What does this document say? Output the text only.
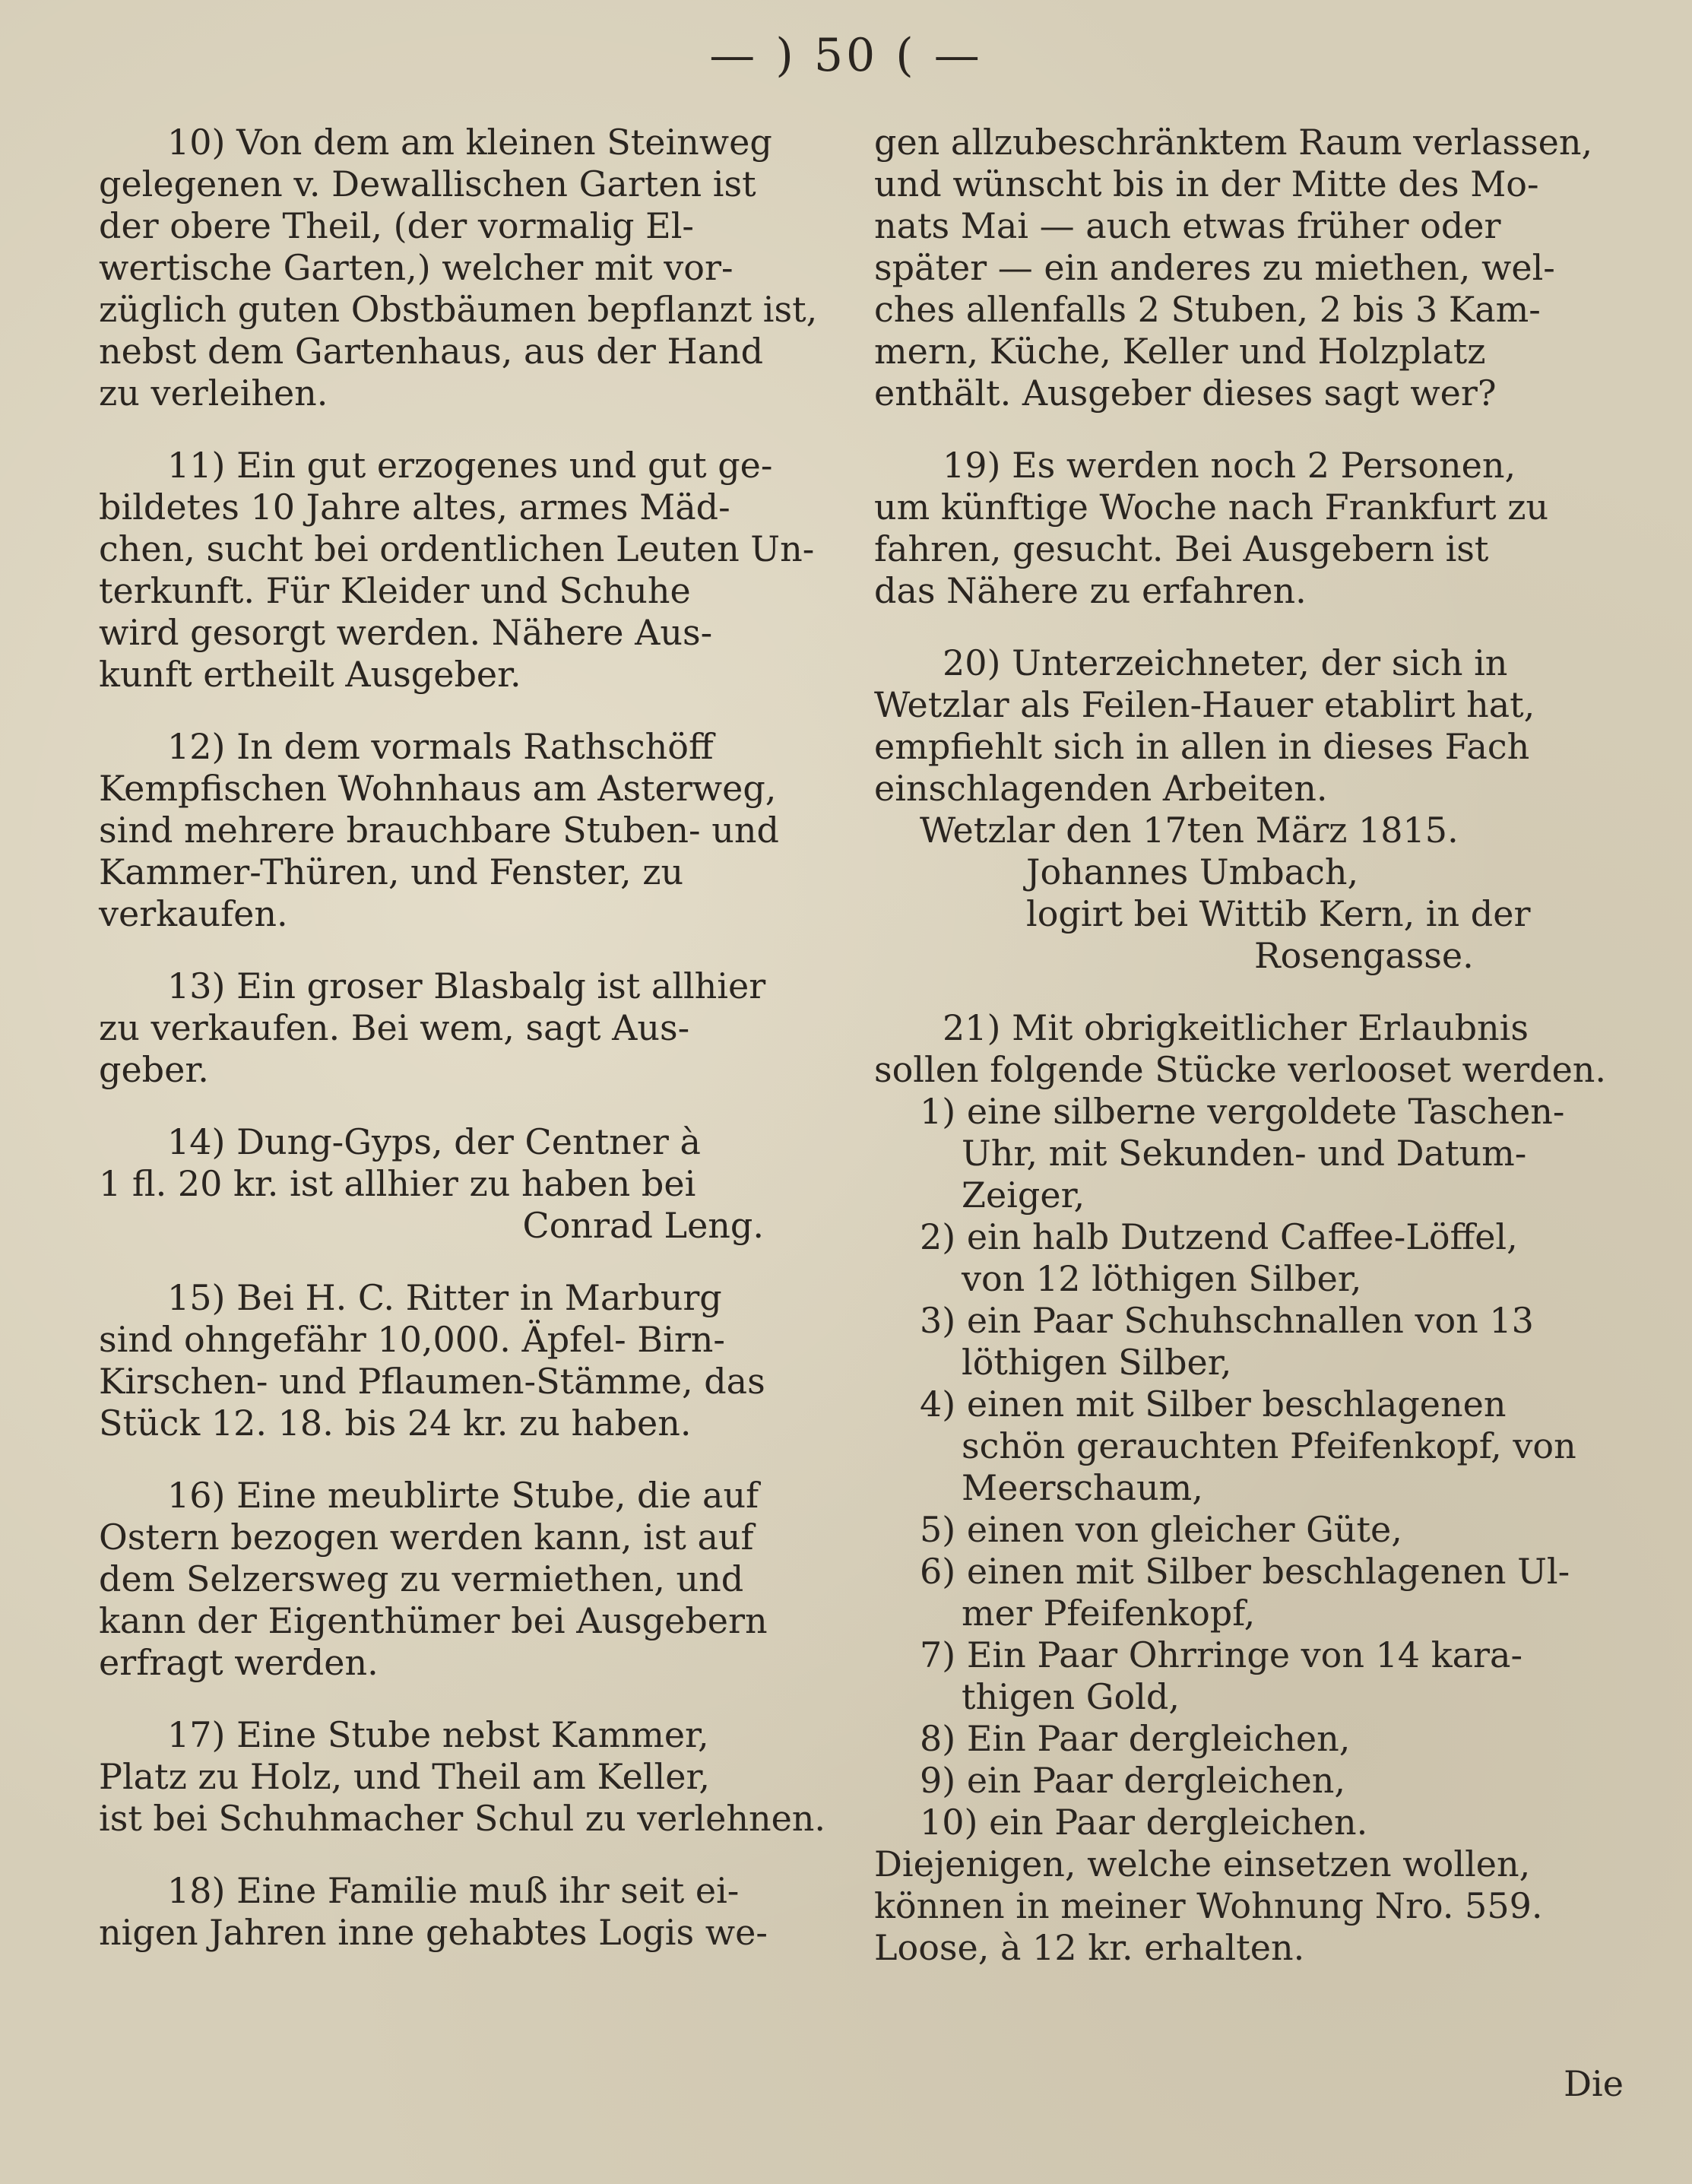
— ) 50 ( —
10) Von dem am kleinen Steinweg
gelegenen v. Dewallischen Garten ist
der obere Theil, (der vormalig El-
wertische Garten,) welcher mit vor-
züglich guten Obstbäumen bepflanzt ist,
nebst dem Gartenhaus, aus der Hand
zu verleihen.
11) Ein gut erzogenes und gut ge-
bildetes 10 Jahre altes, armes Mäd-
chen, sucht bei ordentlichen Leuten Un-
terkunft. Für Kleider und Schuhe
wird gesorgt werden. Nähere Aus-
kunft ertheilt Ausgeber.
12) In dem vormals Rathschöff
Kempfischen Wohnhaus am Asterweg,
sind mehrere brauchbare Stuben- und
Kammer-Thüren, und Fenster, zu
verkaufen.
13) Ein groser Blasbalg ist allhier
zu verkaufen. Bei wem, sagt Aus-
geber.
14) Dung-Gyps, der Centner à
1 fl. 20 kr. ist allhier zu haben bei
Conrad Leng.
15) Bei H. C. Ritter in Marburg
sind ohngefähr 10,000. Äpfel- Birn-
Kirschen- und Pflaumen-Stämme, das
Stück 12. 18. bis 24 kr. zu haben.
16) Eine meublirte Stube, die auf
Ostern bezogen werden kann, ist auf
dem Selzersweg zu vermiethen, und
kann der Eigenthümer bei Ausgebern
erfragt werden.
17) Eine Stube nebst Kammer,
Platz zu Holz, und Theil am Keller,
ist bei Schuhmacher Schul zu verlehnen.
18) Eine Familie muß ihr seit ei-
nigen Jahren inne gehabtes Logis we-
gen allzubeschränktem Raum verlassen,
und wünscht bis in der Mitte des Mo-
nats Mai — auch etwas früher oder
später — ein anderes zu miethen, wel-
ches allenfalls 2 Stuben, 2 bis 3 Kam-
mern, Küche, Keller und Holzplatz
enthält. Ausgeber dieses sagt wer?
19) Es werden noch 2 Personen,
um künftige Woche nach Frankfurt zu
fahren, gesucht. Bei Ausgebern ist
das Nähere zu erfahren.
20) Unterzeichneter, der sich in
Wetzlar als Feilen-Hauer etablirt hat,
empfiehlt sich in allen in dieses Fach
einschlagenden Arbeiten.
Wetzlar den 17ten März 1815.
Johannes Umbach,
logirt bei Wittib Kern, in der
Rosengasse.
21) Mit obrigkeitlicher Erlaubnis
sollen folgende Stücke verlooset werden.
1) eine silberne vergoldete Taschen-
Uhr, mit Sekunden- und Datum-
Zeiger,
2) ein halb Dutzend Caffee-Löffel,
von 12 löthigen Silber,
3) ein Paar Schuhschnallen von 13
löthigen Silber,
4) einen mit Silber beschlagenen
schön gerauchten Pfeifenkopf, von
Meerschaum,
5) einen von gleicher Güte,
6) einen mit Silber beschlagenen Ul-
mer Pfeifenkopf,
7) Ein Paar Ohrringe von 14 kara-
thigen Gold,
8) Ein Paar dergleichen,
9) ein Paar dergleichen,
10) ein Paar dergleichen.
Diejenigen, welche einsetzen wollen,
können in meiner Wohnung Nro. 559.
Loose, à 12 kr. erhalten.
Die
